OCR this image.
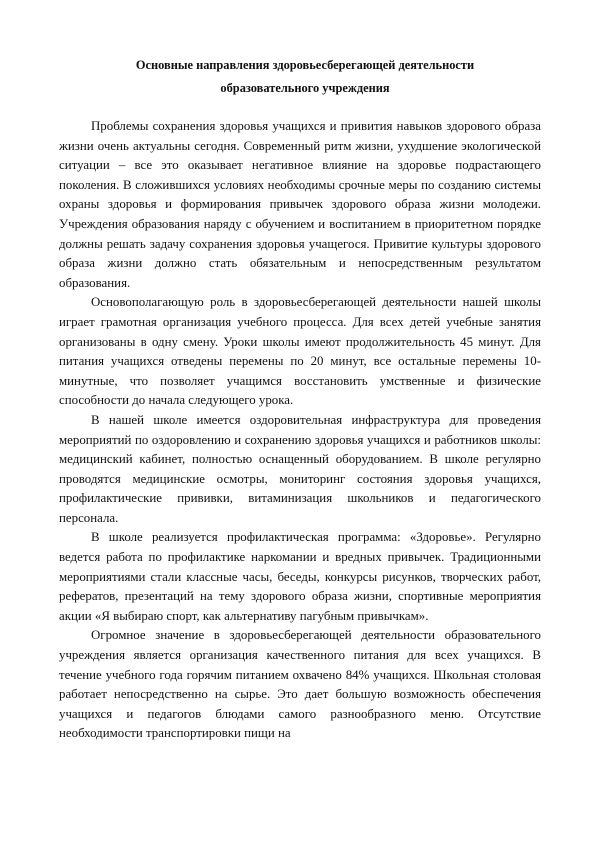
Основные направления здоровьесберегающей деятельности
образовательного учреждения

Проблемы сохранения здоровья учащихся и привития навыков здорового образа жизни очень актуальны сегодня. Современный ритм жизни, ухудшение экологической ситуации – все это оказывает негативное влияние на здоровье подрастающего поколения. В сложившихся условиях необходимы срочные меры по созданию системы охраны здоровья и формирования привычек здорового образа жизни молодежи. Учреждения образования наряду с обучением и воспитанием в приоритетном порядке должны решать задачу сохранения здоровья учащегося. Привитие культуры здорового образа жизни должно стать обязательным и непосредственным результатом образования.

Основополагающую роль в здоровьесберегающей деятельности нашей школы играет грамотная организация учебного процесса. Для всех детей учебные занятия организованы в одну смену. Уроки школы имеют продолжительность 45 минут. Для питания учащихся отведены перемены по 20 минут, все остальные перемены 10-минутные, что позволяет учащимся восстановить умственные и физические способности до начала следующего урока.

В нашей школе имеется оздоровительная инфраструктура для проведения мероприятий по оздоровлению и сохранению здоровья учащихся и работников школы: медицинский кабинет, полностью оснащенный оборудованием. В школе регулярно проводятся медицинские осмотры, мониторинг состояния здоровья учащихся, профилактические прививки, витаминизация школьников и педагогического персонала.

В школе реализуется профилактическая программа: «Здоровье». Регулярно ведется работа по профилактике наркомании и вредных привычек. Традиционными мероприятиями стали классные часы, беседы, конкурсы рисунков, творческих работ, рефератов, презентаций на тему здорового образа жизни, спортивные мероприятия акции «Я выбираю спорт, как альтернативу пагубным привычкам».

Огромное значение в здоровьесберегающей деятельности образовательного учреждения является организация качественного питания для всех учащихся. В течение учебного года горячим питанием охвачено 84% учащихся. Школьная столовая работает непосредственно на сырье. Это дает большую возможность обеспечения учащихся и педагогов блюдами самого разнообразного меню. Отсутствие необходимости транспортировки пищи на
